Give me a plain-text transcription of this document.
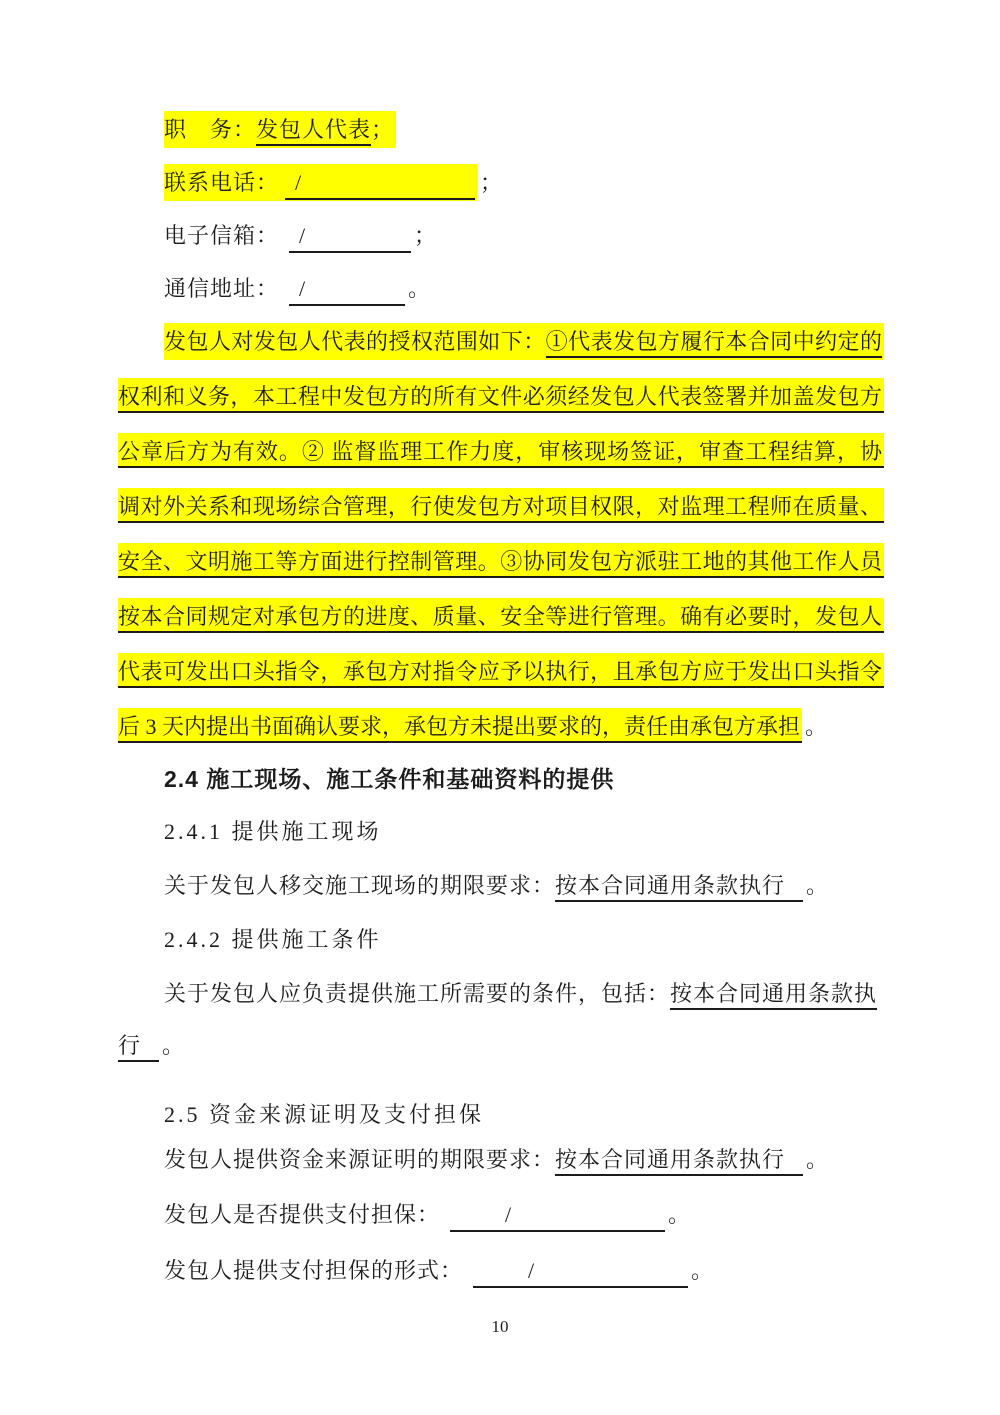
职　务：发包人代表；
联系电话： /	；
电子信箱： /	；
通信地址： /	。
发包人对发包人代表的授权范围如下：①代表发包方履行本合同中约定的
权利和义务，本工程中发包方的所有文件必须经发包人代表签署并加盖发包方
公章后方为有效。② 监督监理工作力度，审核现场签证，审查工程结算，协
调对外关系和现场综合管理，行使发包方对项目权限，对监理工程师在质量、
安全、文明施工等方面进行控制管理。③协同发包方派驻工地的其他工作人员
按本合同规定对承包方的进度、质量、安全等进行管理。确有必要时，发包人
代表可发出口头指令，承包方对指令应予以执行，且承包方应于发出口头指令
后 3 天内提出书面确认要求，承包方未提出要求的，责任由承包方承担 。
2.4 施工现场、施工条件和基础资料的提供
2.4.1 提供施工现场
关于发包人移交施工现场的期限要求：按本合同通用条款执行 。
2.4.2 提供施工条件
关于发包人应负责提供施工所需要的条件，包括：按本合同通用条款执
行 。
2.5 资金来源证明及支付担保
发包人提供资金来源证明的期限要求：按本合同通用条款执行 。
发包人是否提供支付担保：	/	。
发包人提供支付担保的形式：	/	。
10
